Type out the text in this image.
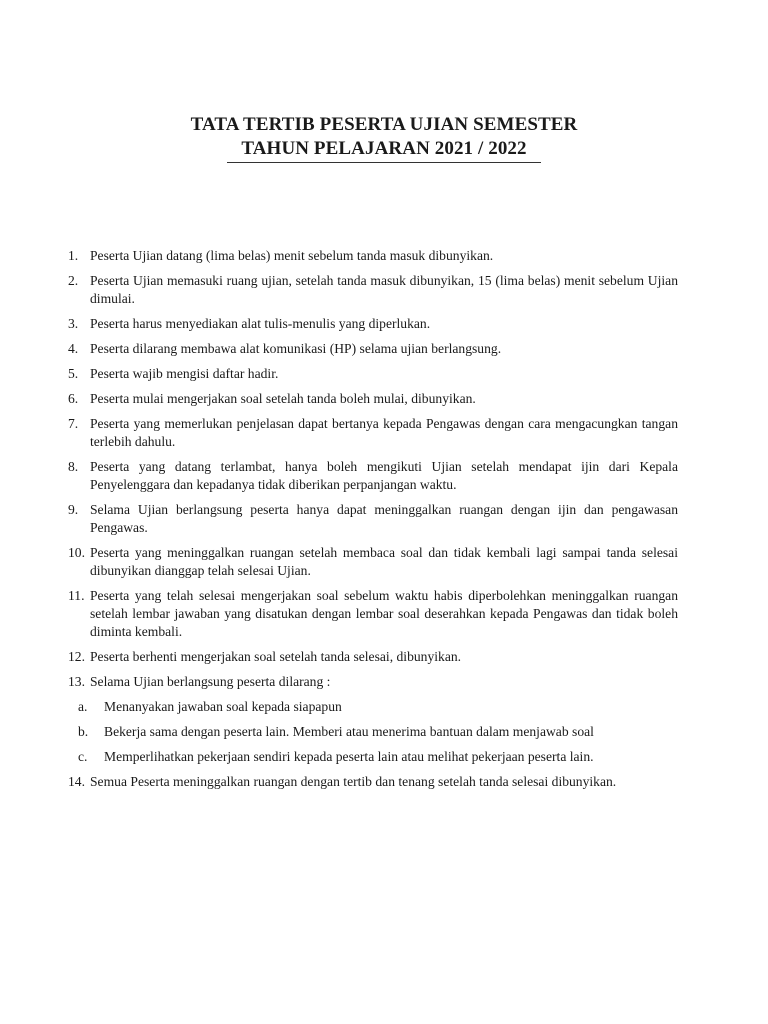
TATA TERTIB PESERTA UJIAN SEMESTER
TAHUN PELAJARAN 2021 / 2022
1. Peserta Ujian datang (lima belas) menit sebelum tanda masuk dibunyikan.
2. Peserta Ujian memasuki ruang ujian, setelah tanda masuk dibunyikan, 15 (lima belas) menit sebelum Ujian dimulai.
3. Peserta harus menyediakan alat tulis-menulis yang diperlukan.
4. Peserta dilarang membawa alat komunikasi (HP) selama ujian berlangsung.
5. Peserta wajib mengisi daftar hadir.
6. Peserta mulai mengerjakan soal setelah tanda boleh mulai, dibunyikan.
7. Peserta yang memerlukan penjelasan dapat bertanya kepada Pengawas dengan cara mengacungkan tangan terlebih dahulu.
8. Peserta yang datang terlambat, hanya boleh mengikuti Ujian setelah mendapat ijin dari Kepala Penyelenggara dan kepadanya tidak diberikan perpanjangan waktu.
9. Selama Ujian berlangsung peserta hanya dapat meninggalkan ruangan dengan ijin dan pengawasan Pengawas.
10. Peserta yang meninggalkan ruangan setelah membaca soal dan tidak kembali lagi sampai tanda selesai dibunyikan dianggap telah selesai Ujian.
11. Peserta yang telah selesai mengerjakan soal sebelum waktu habis diperbolehkan meninggalkan ruangan setelah lembar jawaban yang disatukan dengan lembar soal deserahkan kepada Pengawas dan tidak boleh diminta kembali.
12. Peserta berhenti mengerjakan soal setelah tanda selesai, dibunyikan.
13. Selama Ujian berlangsung peserta dilarang :
a.	Menanyakan jawaban soal kepada siapapun
b.	Bekerja sama dengan peserta lain. Memberi atau menerima bantuan dalam menjawab soal
c.	Memperlihatkan pekerjaan sendiri kepada peserta lain atau melihat pekerjaan peserta lain.
14. Semua Peserta meninggalkan ruangan dengan tertib dan tenang setelah tanda selesai dibunyikan.
